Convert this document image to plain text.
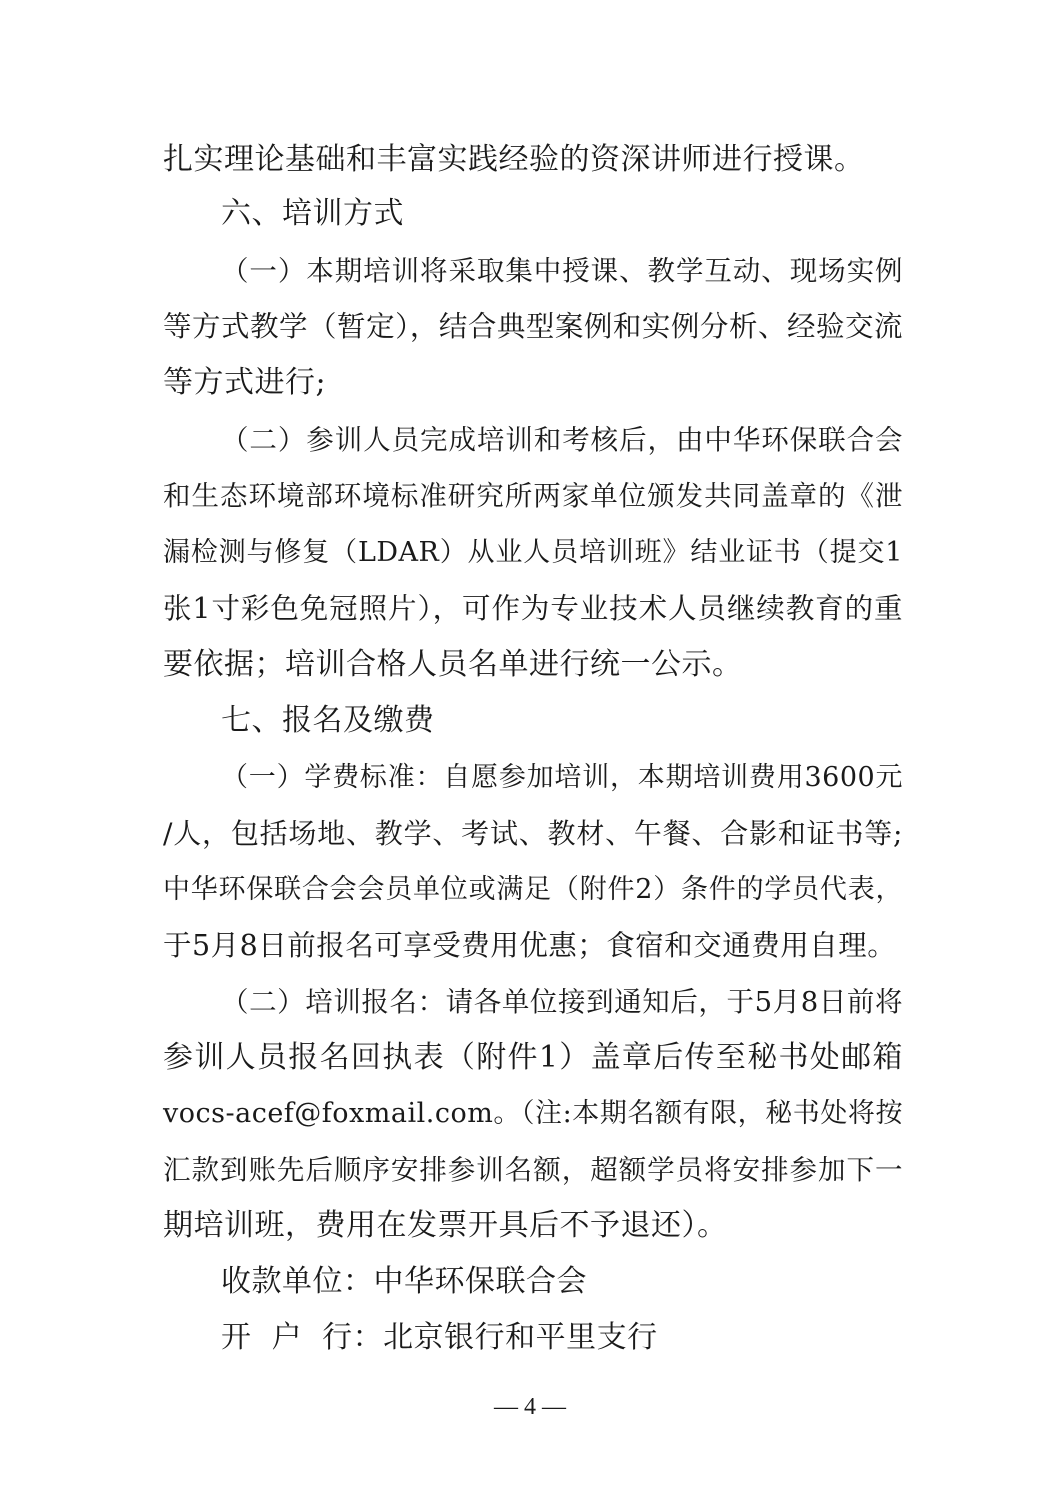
扎实理论基础和丰富实践经验的资深讲师进行授课。
六、培训方式
（一）本期培训将采取集中授课、教学互动、现场实例
等方式教学（暂定），结合典型案例和实例分析、经验交流
等方式进行;
（二）参训人员完成培训和考核后，由中华环保联合会
和生态环境部环境标准研究所两家单位颁发共同盖章的《泄
漏检测与修复（LDAR）从业人员培训班》结业证书（提交1
张1寸彩色免冠照片），可作为专业技术人员继续教育的重
要依据；培训合格人员名单进行统一公示。
七、报名及缴费
（一）学费标准：自愿参加培训，本期培训费用3600元
/人，包括场地、教学、考试、教材、午餐、合影和证书等;
中华环保联合会会员单位或满足（附件2）条件的学员代表，
于5月8日前报名可享受费用优惠；食宿和交通费用自理。
（二）培训报名：请各单位接到通知后，于5月8日前将
参训人员报名回执表（附件1）盖章后传至秘书处邮箱
vocs-acef@foxmail.com。（注:本期名额有限，秘书处将按
汇款到账先后顺序安排参训名额，超额学员将安排参加下一
期培训班，费用在发票开具后不予退还）。
收款单位：中华环保联合会
开  户  行：北京银行和平里支行
— 4 —
